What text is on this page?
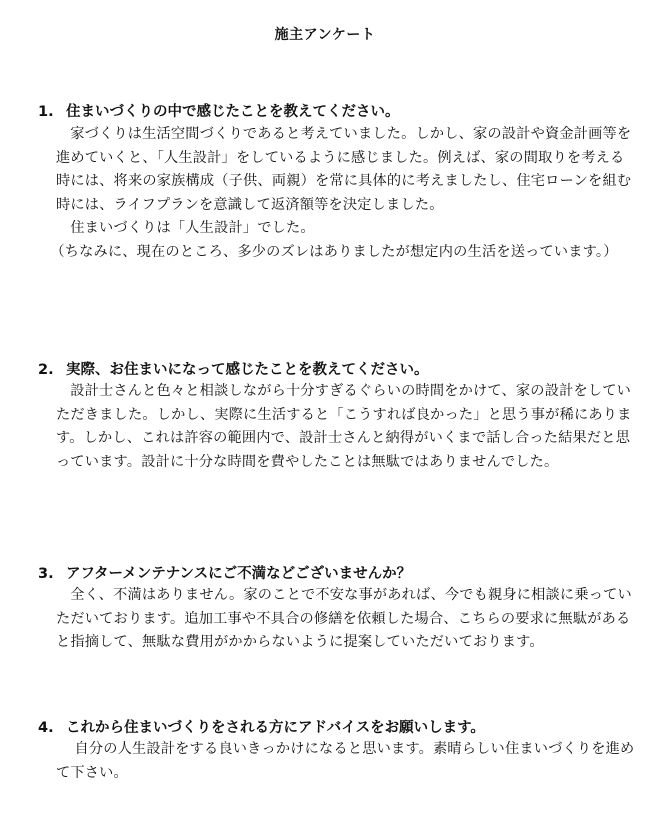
施主アンケート
1. 住まいづくりの中で感じたことを教えてください。

家づくりは生活空間づくりであると考えていました。しかし、家の設計や資金計画等を進めていくと、「人生設計」をしているように感じました。例えば、家の間取りを考える時には、将来の家族構成（子供、両親）を常に具体的に考えましたし、住宅ローンを組む時には、ライフプランを意識して返済額等を決定しました。

住まいづくりは「人生設計」でした。

（ちなみに、現在のところ、多少のズレはありましたが想定内の生活を送っています。）

2. 実際、お住まいになって感じたことを教えてください。

設計士さんと色々と相談しながら十分すぎるぐらいの時間をかけて、家の設計をしていただきました。しかし、実際に生活すると「こうすれば良かった」と思う事が稀にあります。しかし、これは許容の範囲内で、設計士さんと納得がいくまで話し合った結果だと思っています。設計に十分な時間を費やしたことは無駄ではありませんでした。

3. アフターメンテナンスにご不満などございませんか？

全く、不満はありません。家のことで不安な事があれば、今でも親身に相談に乗っていただいております。追加工事や不具合の修繕を依頼した場合、こちらの要求に無駄があると指摘して、無駄な費用がかからないように提案していただいております。

4. これから住まいづくりをされる方にアドバイスをお願いします。

自分の人生設計をする良いきっかけになると思います。素晴らしい住まいづくりを進めて下さい。
